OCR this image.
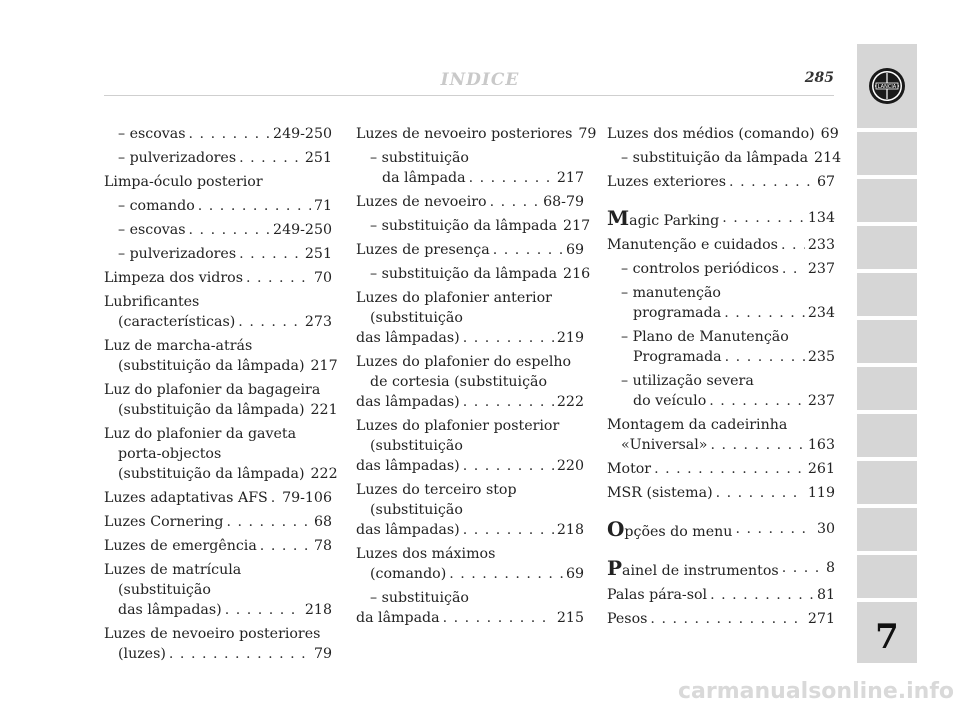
INDICE	285
LANCIA
7
– escovas . . .	249-250
– pulverizadores . . .	251
Limpa-óculo posterior
– comando . . .	71
– escovas . . .	249-250
– pulverizadores . . .	251
Limpeza dos vidros . . .	70
Lubrificantes
(características) . . .	273
Luz de marcha-atrás
(substituição da lâmpada) 217
Luz do plafonier da bagageira
(substituição da lâmpada) 221
Luz do plafonier da gaveta
porta-objectos
(substituição da lâmpada) 222
Luzes adaptativas AFS . . . 79-106
Luzes Cornering . . .	68
Luzes de emergência . . .	78
Luzes de matrícula
(substituição
das lâmpadas) . . .	218
Luzes de nevoeiro posteriores
(luzes) . . .	79
Luzes de nevoeiro posteriores 79
– substituição
da lâmpada . . .	217
Luzes de nevoeiro . . .	68-79
– substituição da lâmpada 217
Luzes de presença . . .	69
– substituição da lâmpada 216
Luzes do plafonier anterior
(substituição
das lâmpadas) . . .	219
Luzes do plafonier do espelho
de cortesia (substituição
das lâmpadas) . . .	222
Luzes do plafonier posterior
(substituição
das lâmpadas) . . .	220
Luzes do terceiro stop
(substituição
das lâmpadas) . . .	218
Luzes dos máximos
(comando) . . .	69
– substituição
da lâmpada . . .	215
Luzes dos médios (comando) 69
– substituição da lâmpada 214
Luzes exteriores . . .	67
Magic Parking . . .	134
Manutenção e cuidados . . . 233
– controlos periódicos . . . 237
– manutenção
programada . . .	234
– Plano de Manutenção
Programada . . .	235
– utilização severa
do veículo . . .	237
Montagem da cadeirinha
«Universal» . . .	163
Motor . . .	261
MSR (sistema) . . .	119
Opções do menu . . .	30
Painel de instrumentos . . .	8
Palas pára-sol . . .	81
Pesos . . .	271
carmanualsonline.info
